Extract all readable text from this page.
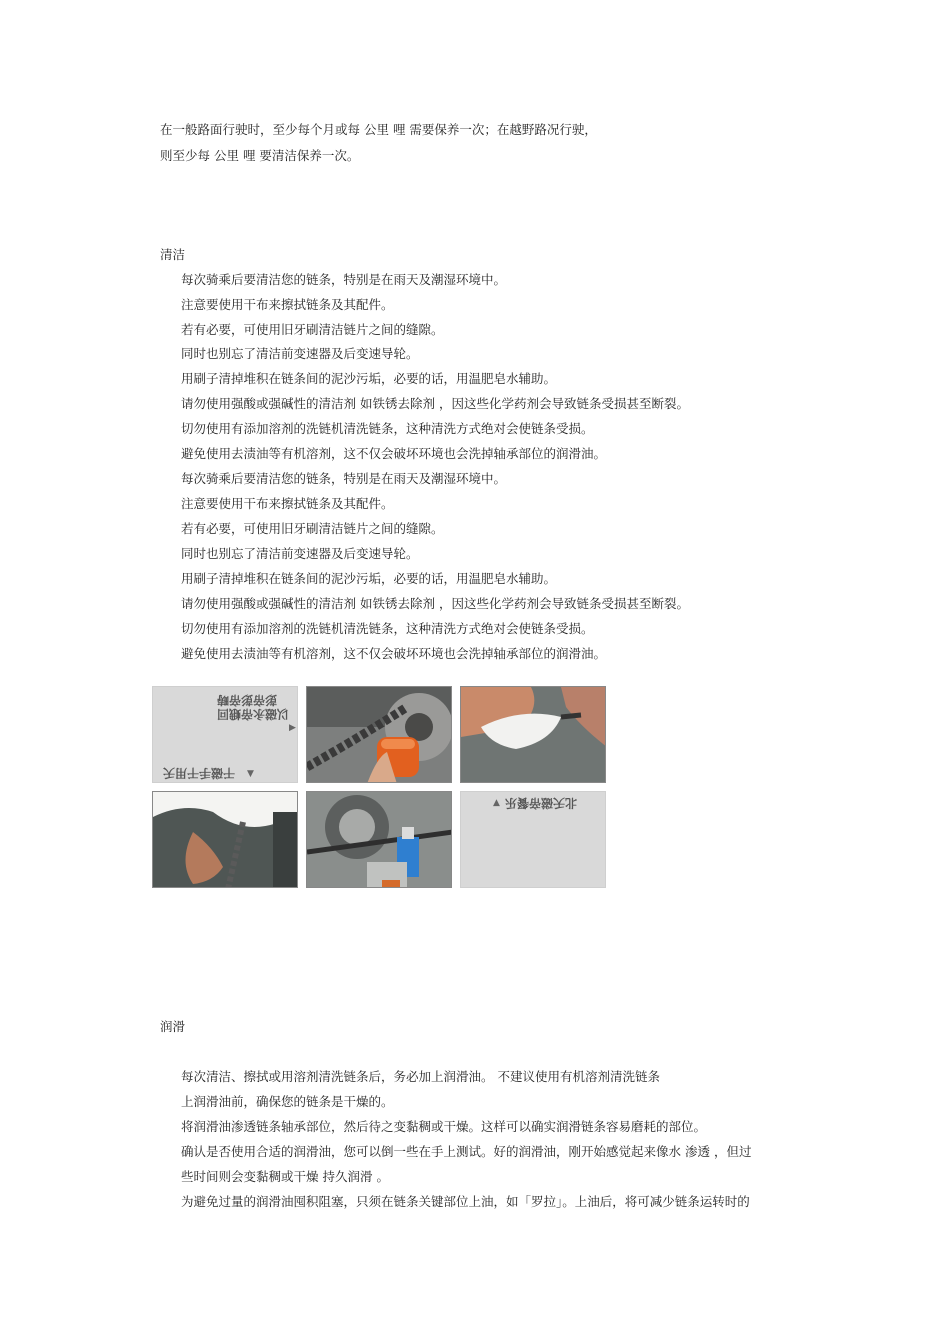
在一般路面行驶时，至少每个月或每 公里 哩 需要保养一次；在越野路况行驶，
则至少每 公里 哩 要清洁保养一次。
清洁
每次骑乘后要清洁您的链条，特别是在雨天及潮湿环境中。
注意要使用干布来擦拭链条及其配件。
若有必要，可使用旧牙刷清洁链片之间的缝隙。
同时也别忘了清洁前变速器及后变速导轮。
用刷子清掉堆积在链条间的泥沙污垢，必要的话，用温肥皂水辅助。
请勿使用强酸或强碱性的清洁剂 如铁锈去除剂 ，因这些化学药剂会导致链条受损甚至断裂。
切勿使用有添加溶剂的洗链机清洗链条，这种清洗方式绝对会使链条受损。
避免使用去渍油等有机溶剂，这不仅会破坏环境也会洗掉轴承部位的润滑油。
每次骑乘后要清洁您的链条，特别是在雨天及潮湿环境中。
注意要使用干布来擦拭链条及其配件。
若有必要，可使用旧牙刷清洁链片之间的缝隙。
同时也别忘了清洁前变速器及后变速导轮。
用刷子清掉堆积在链条间的泥沙污垢，必要的话，用温肥皂水辅助。
请勿使用强酸或强碱性的清洁剂 如铁锈去除剂 ，因这些化学药剂会导致链条受损甚至断裂。
切勿使用有添加溶剂的洗链机清洗链条，这种清洗方式绝对会使链条受损。
避免使用去渍油等有机溶剂，这不仅会破坏环境也会洗掉轴承部位的润滑油。
以磁永帝蛾回
彭帝彭帝畴
▶
干磁手干用夭 ▼
▲ 北夭磁帝餐乐
润滑
每次清洁、擦拭或用溶剂清洗链条后，务必加上润滑油。 不建议使用有机溶剂清洗链条
上润滑油前，确保您的链条是干燥的。
将润滑油渗透链条轴承部位，然后待之变黏稠或干燥。这样可以确实润滑链条容易磨耗的部位。
确认是否使用合适的润滑油，您可以倒一些在手上测试。好的润滑油，刚开始感觉起来像水 渗透 ，但过
些时间则会变黏稠或干燥 持久润滑 。
为避免过量的润滑油囤积阻塞，只须在链条关键部位上油，如「罗拉」。上油后，将可减少链条运转时的
